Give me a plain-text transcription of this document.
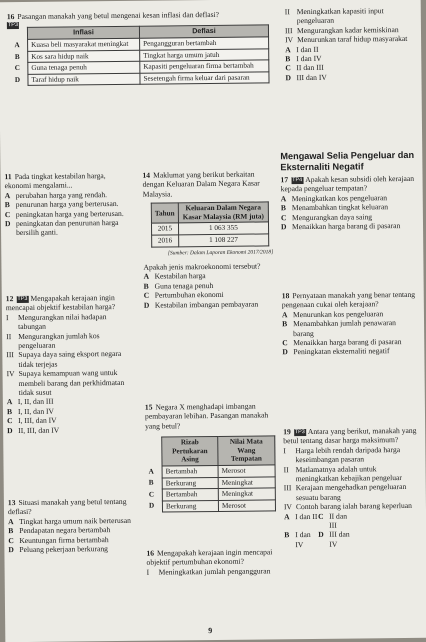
16 Pasangan manakah yang betul mengenai kesan inflasi dan deflasi?
TP3
	Inflasi	Deflasi
A	Kuasa beli masyarakat meningkat	Pengangguran bertambah
B	Kos sara hidup naik	Tingkat harga umum jatuh
C	Guna tenaga penuh	Kapasiti pengeluaran firma bertambah
D	Taraf hidup naik	Sesetengah firma keluar dari pasaran
11 Pada tingkat kestabilan harga, ekonomi mengalami...
A perubahan harga yang rendah.
B penurunan harga yang berterusan.
C peningkatan harga yang berterusan.
D peningkatan dan penurunan harga bersilih ganti.
12 TP3 Mengapakah kerajaan ingin mencapai objektif kestabilan harga?
I	Mengurangkan nilai hadapan tabungan
II Mengurangkan jumlah kos pengeluaran
III Supaya daya saing eksport negara tidak terjejas
IV Supaya kemampuan wang untuk membeli barang dan perkhidmatan tidak susut
A I, II, dan III
B I, II, dan IV
C I, III, dan IV
D II, III, dan IV
13 Situasi manakah yang betul tentang deflasi?
A Tingkat harga umum naik berterusan
B Pendapatan negara bertambah
C Keuntungan firma bertambah
D Peluang pekerjaan berkurang
14 Maklumat yang berikut berkaitan dengan Keluaran Dalam Negara Kasar Malaysia.
Tahun	Keluaran Dalam Negara Kasar Malaysia (RM juta)
2015	1 063 355
2016	1 108 227
[Sumber: Dalam Laporan Ekonomi 2017/2018]
Apakah jenis makroekonomi tersebut?
A Kestabilan harga
B Guna tenaga penuh
C Pertumbuhan ekonomi
D Kestabilan imbangan pembayaran
15 Negara X menghadapi imbangan pembayaran lebihan. Pasangan manakah yang betul?
	Rizab Pertukaran Asing	Nilai Mata Wang Tempatan
A	Bertambah	Merosot
B	Berkurang	Meningkat
C	Bertambah	Meningkat
D	Berkurang	Merosot
16 Mengapakah kerajaan ingin mencapai objektif pertumbuhan ekonomi?
I	Meningkatkan jumlah pengangguran
II Meningkatkan kapasiti input pengeluaran
III Mengurangkan kadar kemiskinan
IV Menurunkan taraf hidup masyarakat
A I dan II
B I dan IV
C II dan III
D III dan IV
Mengawal Selia Pengeluar dan Eksternaliti Negatif
17 TP4 Apakah kesan subsidi oleh kerajaan kepada pengeluar tempatan?
A Meningkatkan kos pengeluaran
B Menambahkan tingkat keluaran
C Mengurangkan daya saing
D Menaikkan harga barang di pasaran
18 Pernyataan manakah yang benar tentang pengenaan cukai oleh kerajaan?
A Menurunkan kos pengeluaran
B Menambahkan jumlah penawaran barang
C Menaikkan harga barang di pasaran
D Peningkatan eksternaliti negatif
19 TP3 Antara yang berikut, manakah yang betul tentang dasar harga maksimum?
I	Harga lebih rendah daripada harga keseimbangan pasaran
II Matlamatnya adalah untuk meningkatkan kebajikan pengeluar
III Kerajaan mengehadkan pengeluaran sesuatu barang
IV Contoh barang ialah barang keperluan
A I dan II C II dan III
B I dan IV
D III dan IV
9
